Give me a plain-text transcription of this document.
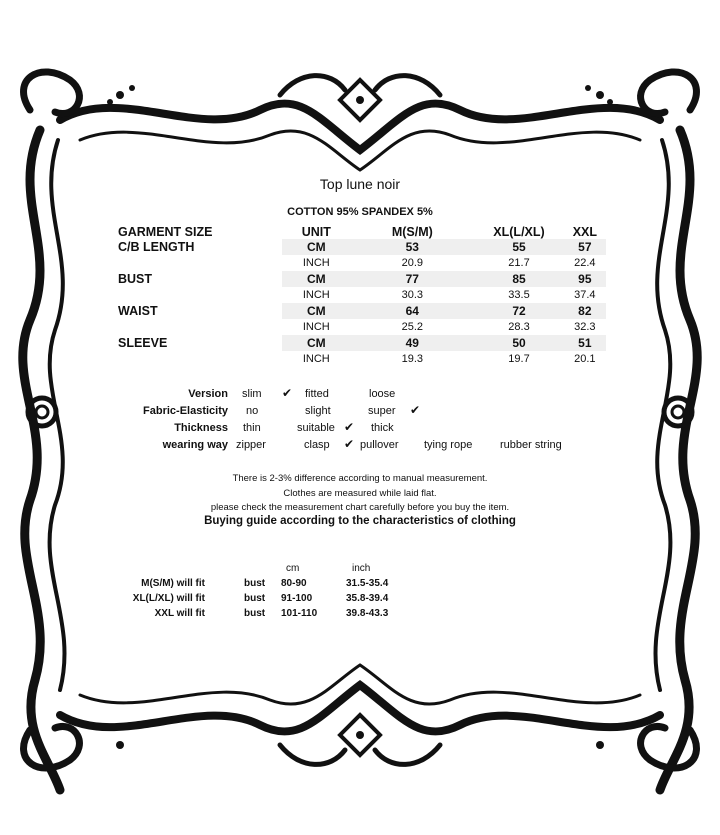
Top lune noir
COTTON 95% SPANDEX 5%
GARMENT SIZE	UNIT	M(S/M)	XL(L/XL)	XXL
C/B LENGTH	CM	53	55	57
	INCH	20.9	21.7	22.4
BUST	CM	77	85	95
	INCH	30.3	33.5	37.4
WAIST	CM	64	72	82
	INCH	25.2	28.3	32.3
SLEEVE	CM	49	50	51
	INCH	19.3	19.7	20.1
Version slim ✔ fitted	loose
Fabric-Elasticity no	slight	super ✔
Thickness thin	suitable ✔ thick
wearing way zipper	clasp ✔ pullover tying rope	rubber string
There is 2-3% difference according to manual measurement.
Clothes are measured while laid flat.
please check the measurement chart carefully before you buy the item.
Buying guide according to the characteristics of clothing
cm	inch
M(S/M) will fit	bust 80-90	31.5-35.4
XL(L/XL) will fit	bust 91-100	35.8-39.4
XXL will fit	bust 101-110	39.8-43.3
